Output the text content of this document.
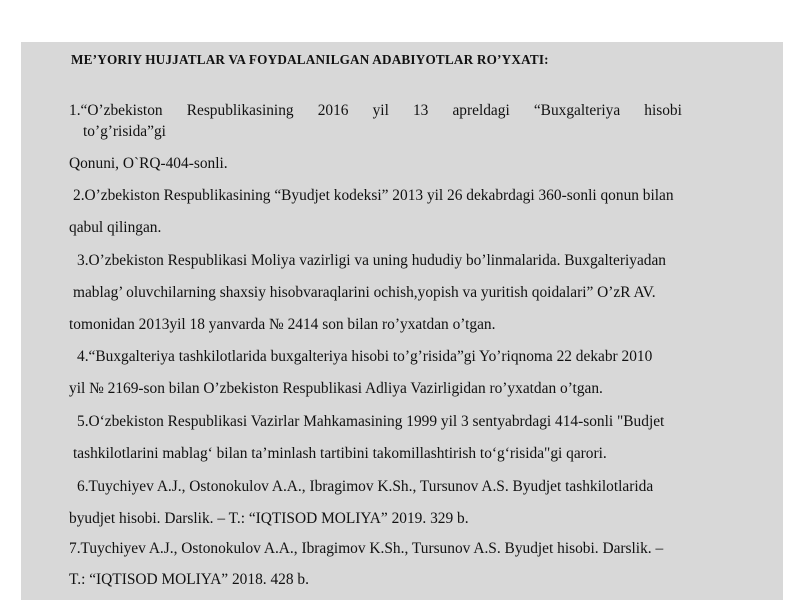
ME’YORIY HUJJATLAR VA FOYDALANILGAN ADABIYOTLAR RO’YXATI:
1.“O’zbekiston Respublikasining 2016 yil 13 apreldagi “Buxgalteriya hisobi
to’g’risida”gi
Qonuni, O`RQ-404-sonli.
2.O’zbekiston Respublikasining “Byudjet kodeksi” 2013 yil 26 dekabrdagi 360-sonli qonun bilan
qabul qilingan.
3.O’zbekiston Respublikasi Moliya vazirligi va uning hududiy bo’linmalarida. Buxgalteriyadan
mablag’ oluvchilarning shaxsiy hisobvaraqlarini ochish,yopish va yuritish qoidalari” O’zR AV.
tomonidan 2013yil 18 yanvarda № 2414 son bilan ro’yxatdan o’tgan.
4.“Buxgalteriya tashkilotlarida buxgalteriya hisobi to’g’risida”gi Yo’riqnoma 22 dekabr 2010
yil № 2169-son bilan O’zbekiston Respublikasi Adliya Vazirligidan ro’yxatdan o’tgan.
5.O‘zbekiston Respublikasi Vazirlar Mahkamasining 1999 yil 3 sentyabrdagi 414-sonli "Budjet
tashkilotlarini mablag‘ bilan ta’minlash tartibini takomillashtirish to‘g‘risida"gi qarori.
6.Tuychiyev A.J., Ostonokulov A.A., Ibragimov K.Sh., Tursunov A.S. Byudjet tashkilotlarida
byudjet hisobi. Darslik. – T.: “IQTISOD MOLIYA” 2019. 329 b.
7.Tuychiyev A.J., Ostonokulov A.A., Ibragimov K.Sh., Tursunov A.S. Byudjet hisobi. Darslik. –
T.: “IQTISOD MOLIYA” 2018. 428 b.
